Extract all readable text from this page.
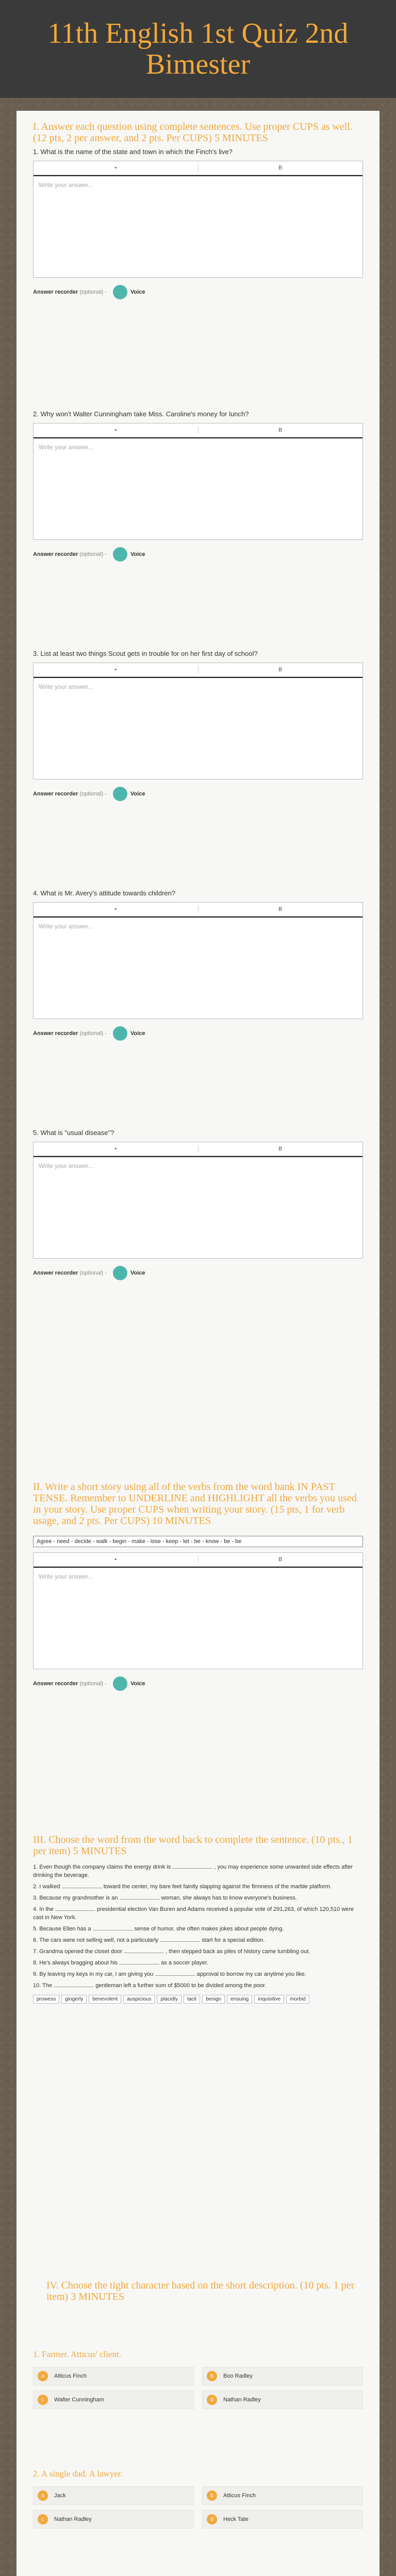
11th English 1st Quiz 2nd Bimester

I. Answer each question using complete sentences. Use proper CUPS as well. (12 pts, 2 per answer, and 2 pts. Per CUPS) 5 MINUTES

1. What is the name of the state and town in which the Finch's live?

•	B
Write your answer...
Answer recorder (optional) -	Voice

2. Why won't Walter Cunningham take Miss. Caroline's money for lunch?

•	B
Write your answer...
Answer recorder (optional) -	Voice

3. List at least two things Scout gets in trouble for on her first day of school?

•	B
Write your answer...
Answer recorder (optional) -	Voice

4. What is Mr. Avery's attitude towards children?

•	B
Write your answer...
Answer recorder (optional) -	Voice

5. What is "usual disease"?

•	B
Write your answer...
Answer recorder (optional) -	Voice

II. Write a short story using all of the verbs from the word bank IN PAST TENSE. Remember to UNDERLINE and HIGHLIGHT all the verbs you used in your story. Use proper CUPS when writing your story. (15 pts, 1 for verb usage, and 2 pts. Per CUPS) 10 MINUTES

Agree - need - decide - walk - begin - make - lose - keep - let - be - know - be - be
•	B
Write your answer...
Answer recorder (optional) -	Voice

III. Choose the word from the word back to complete the sentence. (10 pts., 1 per item) 5 MINUTES

1. Even though the company claims the energy drink is	, you may experience some unwanted side effects after drinking the beverage.
2. I walked	toward the center, my bare feet faintly slapping against the firmness of the marble platform.
3. Because my grandmother is an	woman, she always has to know everyone's business.
4. In the	presidential election Van Buren and Adams received a popular vote of 291,263, of which 120,510 were cast in New York.
5. Because Ellen has a	sense of humor, she often makes jokes about people dying.
6. The cars were not selling well, not a particularly	start for a special edition.
7. Grandma opened the closet door	, then stepped back as piles of history came tumbling out.
8. He's always bragging about his	as a soccer player.
9. By leaving my keys in my car, I am giving you	approval to borrow my car anytime you like.
10. The	gentleman left a further sum of $5000 to be divided among the poor.
prowess	gingerly	benevolent	auspicious	placidly	tacit	benign	ensuing	inquisitive	morbid

IV. Choose the tight character based on the short description. (10 pts. 1 per item) 3 MINUTES

1. Farmer. Atticus' client.

a	Atticus Finch	b	Boo Radley
c	Walter Cunningham	d	Nathan Radley

2. A single dad. A lawyer.

a	Jack	b	Atticus Finch
c	Nathan Radley	d	Heck Tate
